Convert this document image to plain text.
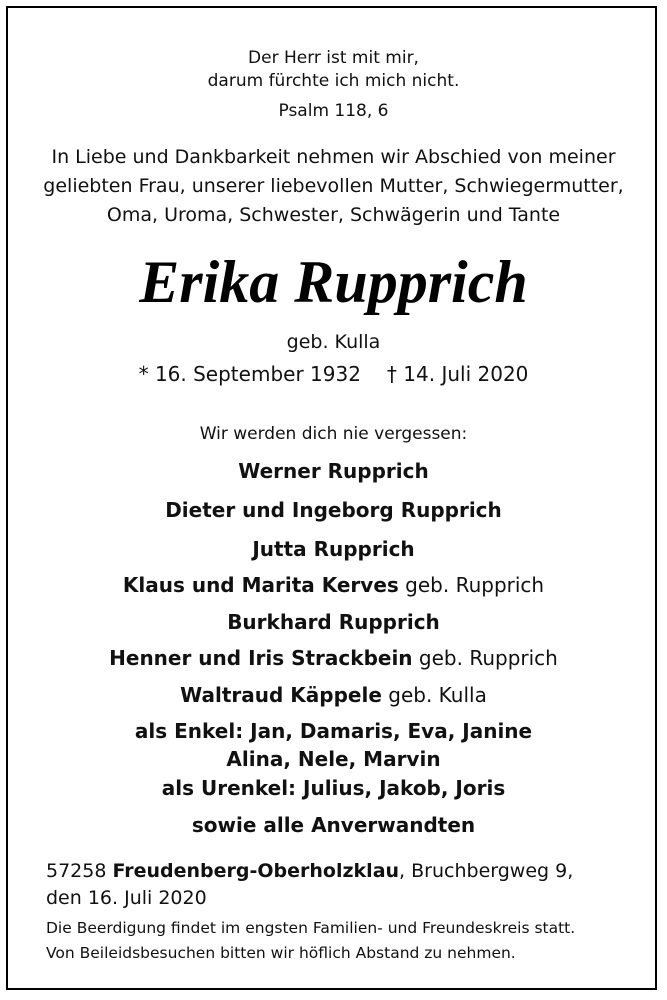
Der Herr ist mit mir,
darum fürchte ich mich nicht.
Psalm 118, 6
In Liebe und Dankbarkeit nehmen wir Abschied von meiner
geliebten Frau, unserer liebevollen Mutter, Schwiegermutter,
Oma, Uroma, Schwester, Schwägerin und Tante
Erika Rupprich
geb. Kulla
* 16. September 1932 † 14. Juli 2020
Wir werden dich nie vergessen:
Werner Rupprich
Dieter und Ingeborg Rupprich
Jutta Rupprich
Klaus und Marita Kerves geb. Rupprich
Burkhard Rupprich
Henner und Iris Strackbein geb. Rupprich
Waltraud Käppele geb. Kulla
als Enkel: Jan, Damaris, Eva, Janine
Alina, Nele, Marvin
als Urenkel: Julius, Jakob, Joris
sowie alle Anverwandten
57258 Freudenberg-Oberholzklau, Bruchbergweg 9,
den 16. Juli 2020
Die Beerdigung findet im engsten Familien- und Freundeskreis statt.
Von Beileidsbesuchen bitten wir höflich Abstand zu nehmen.
